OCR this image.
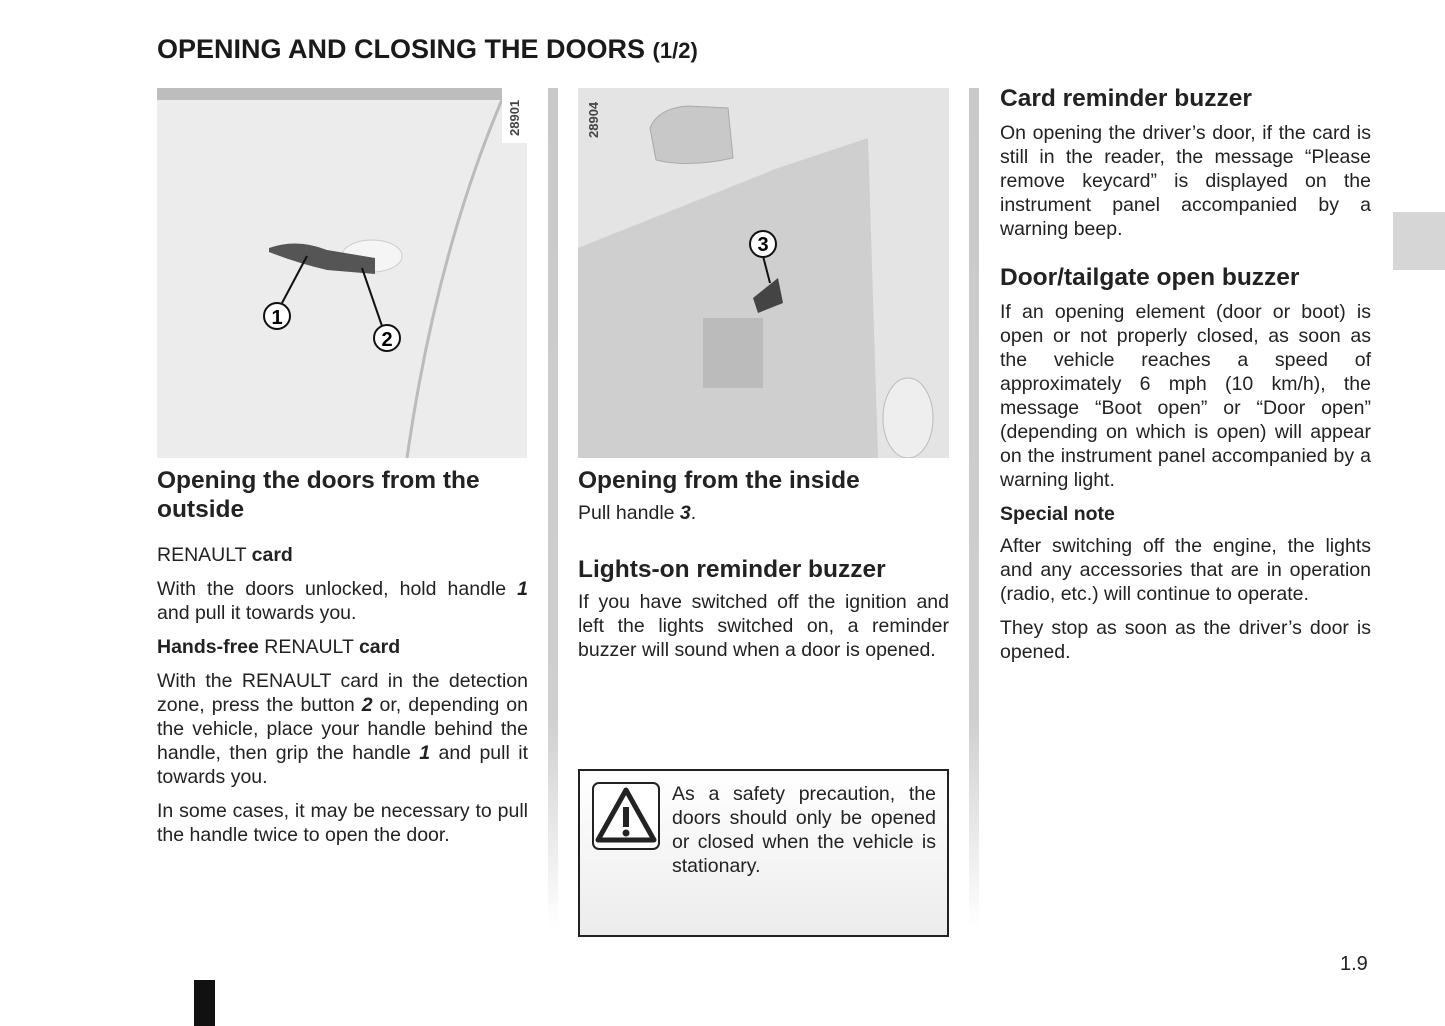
OPENING AND CLOSING THE DOORS (1/2)
1
2
28901
3
28904
Opening the doors from the outside

RENAULT card

With the doors unlocked, hold handle 1 and pull it towards you.

Hands-free RENAULT card

With the RENAULT card in the detection zone, press the button 2 or, depending on the vehicle, place your handle behind the handle, then grip the handle 1 and pull it towards you.

In some cases, it may be necessary to pull the handle twice to open the door.

Opening from the inside

Pull handle 3.

Lights-on reminder buzzer

If you have switched off the ignition and left the lights switched on, a reminder buzzer will sound when a door is opened.

As a safety precaution, the doors should only be opened or closed when the vehicle is stationary.

Card reminder buzzer

On opening the driver’s door, if the card is still in the reader, the message “Please remove keycard” is displayed on the instrument panel accompanied by a warning beep.

Door/tailgate open buzzer

If an opening element (door or boot) is open or not properly closed, as soon as the vehicle reaches a speed of approximately 6 mph (10 km/h), the message “Boot open” or “Door open” (depending on which is open) will appear on the instrument panel accompanied by a warning light.

Special note

After switching off the engine, the lights and any accessories that are in operation (radio, etc.) will continue to operate.

They stop as soon as the driver’s door is opened.

1.9
